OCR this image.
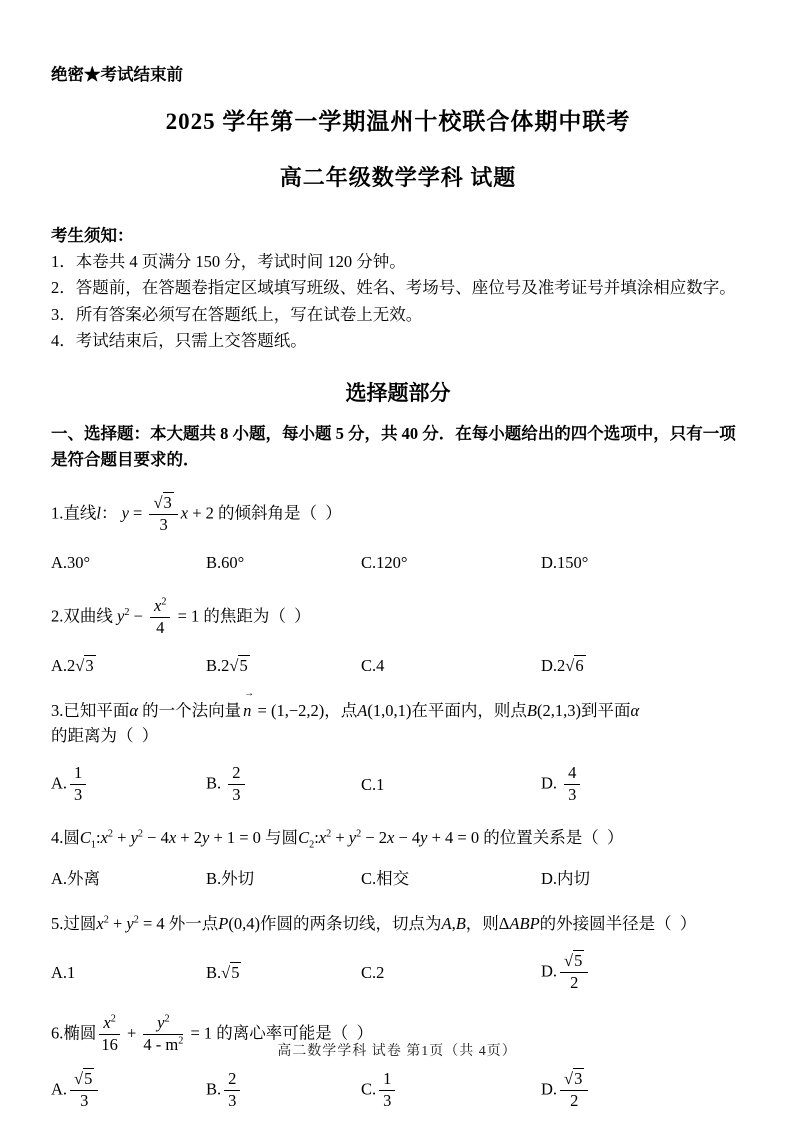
绝密★考试结束前
2025 学年第一学期温州十校联合体期中联考
高二年级数学学科 试题
考生须知：
1．本卷共 4 页满分 150 分，考试时间 120 分钟。
2．答题前，在答题卷指定区域填写班级、姓名、考场号、座位号及准考证号并填涂相应数字。
3．所有答案必须写在答题纸上，写在试卷上无效。
4．考试结束后，只需上交答题纸。
选择题部分
一、选择题：本大题共 8 小题，每小题 5 分，共 40 分．在每小题给出的四个选项中，只有一项是符合题目要求的．
1.直线l： $y = \frac{√3}{3}$ x + 2 的倾斜角是（  ）
A.30°	B.60°	C.120°	D.150°
2.双曲线 $y^2 - \frac{x^2}{4} = 1$ 的焦距为（  ）
A.2√3	B.2√5	C.4	D.2√6
3.已知平面α 的一个法向量
→
n = (1,−2,2)，点A(1,0,1)在平面内，则点B(2,1,3)到平面α 的距离为（  ）
A. $\frac{1}{3}$	B. $\frac{2}{3}$	C.1	D. $\frac{4}{3}$
4.圆$C_1:x^2 + y^2 - 4x + 2y + 1 = 0$ 与圆$C_2:x^2 + y^2 - 2x - 4y + 4 = 0$ 的位置关系是（  ）
A.外离	B.外切	C.相交	D.内切
5.过圆$x^2 + y^2 = 4$ 外一点P(0,4)作圆的两条切线，切点为A,B，则ΔABP的外接圆半径是（  ）
A.1	B.√5	C.2	D. $\frac{√5}{2}$
6.椭圆 $\frac{x^2}{16} + \frac{y^2}{4 - m^2} = 1$ 的离心率可能是（  ）
A. $\frac{√5}{3}$	B. $\frac{2}{3}$	C. $\frac{1}{3}$	D. $\frac{√3}{2}$
高二数学学科 试卷 第1页（共 4页）
